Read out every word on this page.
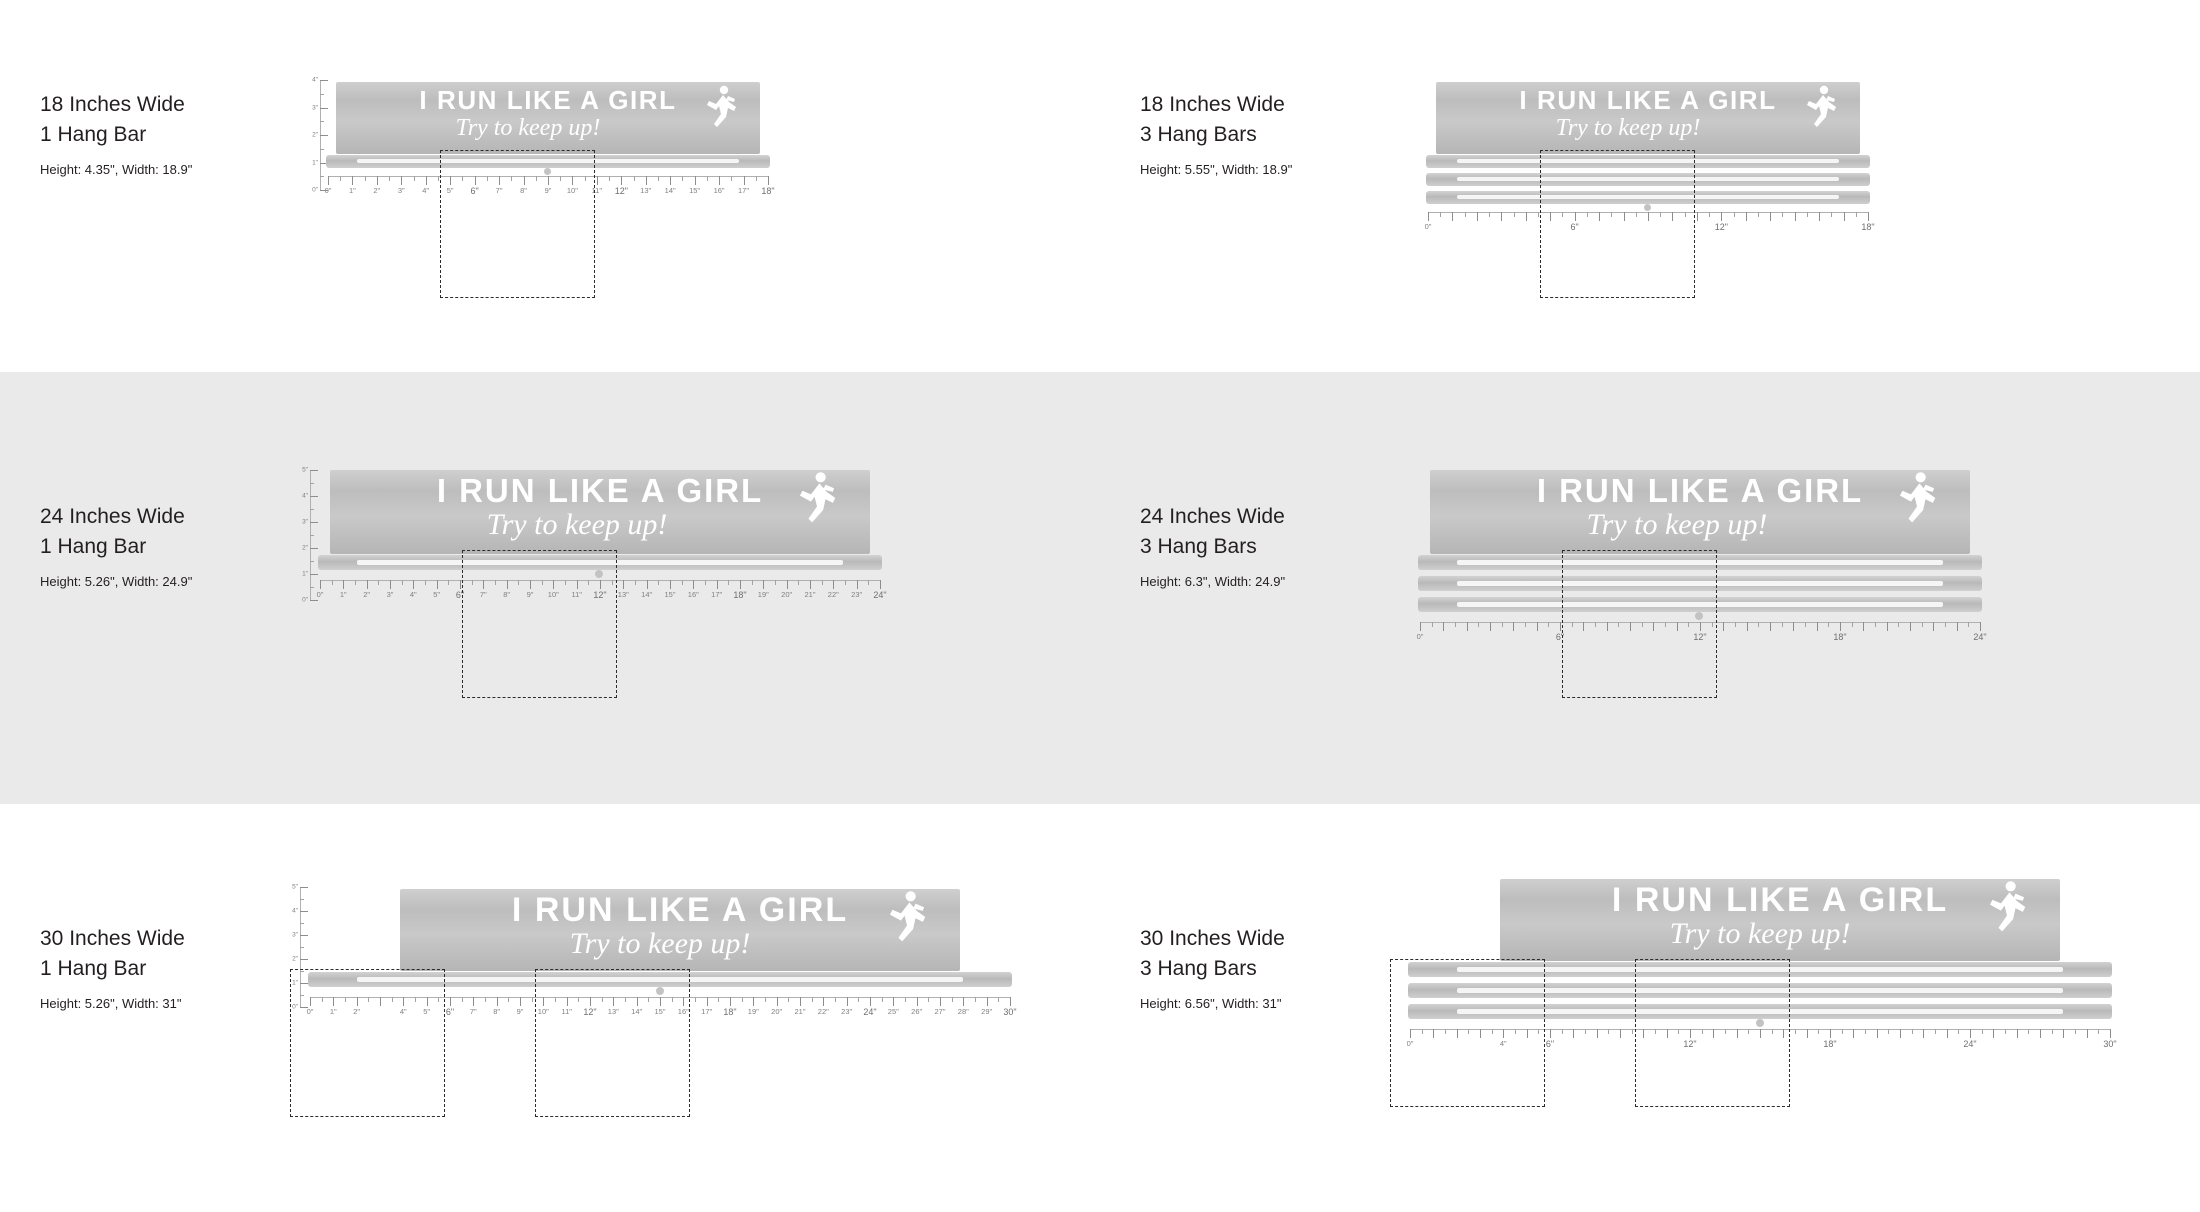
18 Inches Wide
1 Hang Bar
Height: 4.35", Width: 18.9"
4"
3"
2"
1"
0"
I RUN LIKE A GIRL
Try to keep up!
0" 1" 2" 3" 4" 5" 6" 7" 8" 9" 10" 11" 12" 13" 14" 15" 16" 17" 18"
18 Inches Wide
3 Hang Bars
Height: 5.55", Width: 18.9"
I RUN LIKE A GIRL
Try to keep up!
0"	6"	12"	18"
24 Inches Wide
1 Hang Bar
Height: 5.26", Width: 24.9"
5"
4"
3"
2"
1"
0"
I RUN LIKE A GIRL
Try to keep up!
0" 1" 2" 3" 4" 5" 6" 7" 8" 9" 10" 11" 12" 13" 14" 15" 16" 17" 18" 19" 20" 21" 22" 23" 24"
24 Inches Wide
3 Hang Bars
Height: 6.3", Width: 24.9"
I RUN LIKE A GIRL
Try to keep up!
0"	6"	12"	18"	24"
30 Inches Wide
1 Hang Bar
Height: 5.26", Width: 31"
5"
4"
3"
2"
1"
0"
I RUN LIKE A GIRL
Try to keep up!
0" 1" 2"	4" 5" 6" 7" 8" 9" 10" 11" 12" 13" 14" 15" 16" 17" 18" 19" 20" 21" 22" 23" 24" 25" 26" 27" 28" 29" 30"
30 Inches Wide
3 Hang Bars
Height: 6.56", Width: 31"
I RUN LIKE A GIRL
Try to keep up!
0"	4"	6"	12"	18"	24"	30"
